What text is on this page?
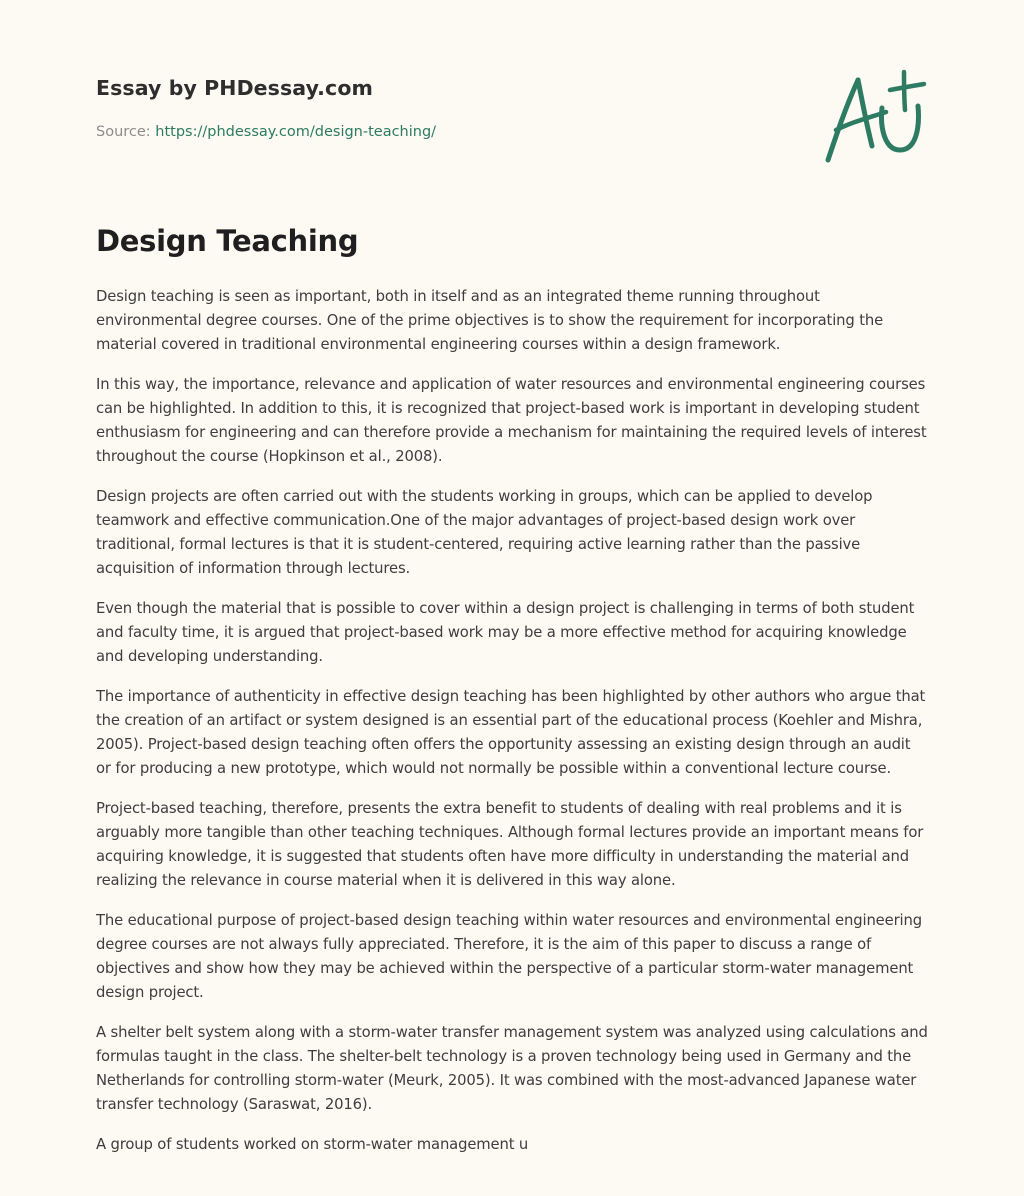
Essay by PHDessay.com
Source: https://phdessay.com/design-teaching/
Design Teaching

Design teaching is seen as important, both in itself and as an integrated theme running throughout environmental degree courses. One of the prime objectives is to show the requirement for incorporating the material covered in traditional environmental engineering courses within a design framework.

In this way, the importance, relevance and application of water resources and environmental engineering courses can be highlighted. In addition to this, it is recognized that project-based work is important in developing student enthusiasm for engineering and can therefore provide a mechanism for maintaining the required levels of interest throughout the course (Hopkinson et al., 2008).

Design projects are often carried out with the students working in groups, which can be applied to develop teamwork and effective communication.One of the major advantages of project-based design work over traditional, formal lectures is that it is student-centered, requiring active learning rather than the passive acquisition of information through lectures.

Even though the material that is possible to cover within a design project is challenging in terms of both student and faculty time, it is argued that project-based work may be a more effective method for acquiring knowledge and developing understanding.

The importance of authenticity in effective design teaching has been highlighted by other authors who argue that the creation of an artifact or system designed is an essential part of the educational process (Koehler and Mishra, 2005). Project-based design teaching often offers the opportunity assessing an existing design through an audit or for producing a new prototype, which would not normally be possible within a conventional lecture course.

Project-based teaching, therefore, presents the extra benefit to students of dealing with real problems and it is arguably more tangible than other teaching techniques. Although formal lectures provide an important means for acquiring knowledge, it is suggested that students often have more difficulty in understanding the material and realizing the relevance in course material when it is delivered in this way alone.

The educational purpose of project-based design teaching within water resources and environmental engineering degree courses are not always fully appreciated. Therefore, it is the aim of this paper to discuss a range of objectives and show how they may be achieved within the perspective of a particular storm-water management design project.

A shelter belt system along with a storm-water transfer management system was analyzed using calculations and formulas taught in the class. The shelter-belt technology is a proven technology being used in Germany and the Netherlands for controlling storm-water (Meurk, 2005). It was combined with the most-advanced Japanese water transfer technology (Saraswat, 2016).

A group of students worked on storm-water management u
